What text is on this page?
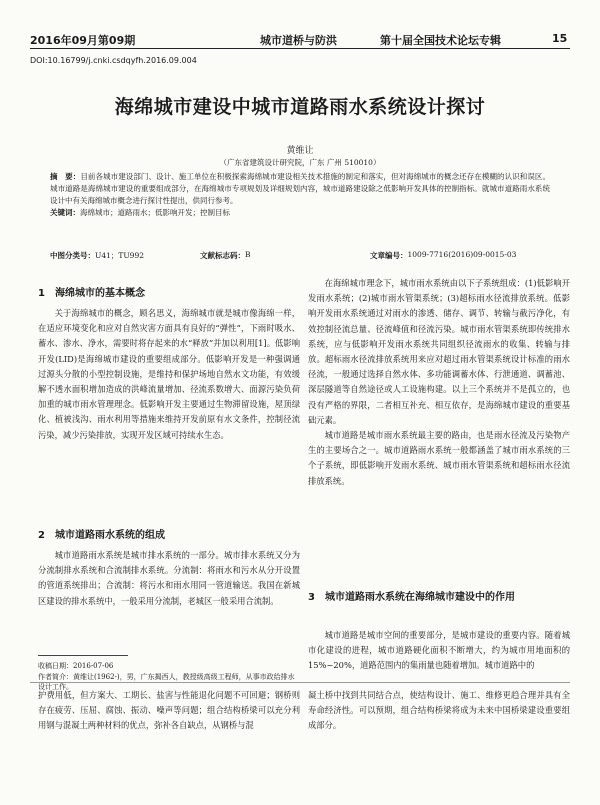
2016年09月第09期	城市道桥与防洪	第十届全国技术论坛专辑	15
DOI:10.16799/j.cnki.csdqyfh.2016.09.004
海绵城市建设中城市道路雨水系统设计探讨
黄维让
（广东省建筑设计研究院，广东 广州 510010）
摘　要：目前各城市建设部门、设计、施工单位在积极探索海绵城市建设相关技术措施的制定和落实，但对海绵城市的概念还存在模糊的认识和误区。城市道路是海绵城市建设的重要组成部分，在海绵城市专项规划及详细规划内容，城市道路建设除之低影响开发具体的控制指标。就城市道路雨水系统设计中有关海绵城市概念进行探讨性提出，供同行参考。
关键词：海绵城市；道路雨水；低影响开发；控制目标
中图分类号： U41；TU992	文献标志码： B	文章编号： 1009-7716(2016)09-0015-03
1　海绵城市的基本概念

关于海绵城市的概念，顾名思义，海绵城市就是城市像海绵一样，在适应环境变化和应对自然灾害方面具有良好的“弹性”，下雨时吸水、蓄水、渗水、净水，需要时将存起来的水“释放”并加以利用[1]。低影响开发(LID)是海绵城市建设的重要组成部分。低影响开发是一种强调通过源头分散的小型控制设施，是维持和保护场地自然水文功能，有效缓解不透水面积增加造成的洪峰流量增加、径流系数增大、面源污染负荷加重的城市雨水管理理念。低影响开发主要通过生物滞留设施，屋顶绿化、植被浅沟、雨水利用等措施来维持开发前原有水文条件，控制径流污染，减少污染排放，实现开发区域可持续水生态。

2　城市道路雨水系统的组成

城市道路雨水系统是城市排水系统的一部分。城市排水系统又分为分流制排水系统和合流制排水系统。分流制：将雨水和污水从分开设置的管道系统排出；合流制：将污水和雨水用同一管道输送。我国在新城区建设的排水系统中，一般采用分流制，老城区一般采用合流制。

收稿日期：2016-07-06

作者简介：黄维让(1962-)，男，广东揭西人，教授级高级工程师，从事市政给排水设计工作。

在海绵城市理念下，城市雨水系统由以下子系统组成：(1)低影响开发雨水系统；(2)城市雨水管渠系统；(3)超标雨水径流排放系统。低影响开发雨水系统通过对雨水的渗透、储存、调节、转输与截污净化，有效控制径流总量、径流峰值和径流污染。城市雨水管渠系统即传统排水系统，应与低影响开发雨水系统共同组织径流雨水的收集、转输与排放。超标雨水径流排放系统用来应对超过雨水管渠系统设计标准的雨水径流，一般通过选择自然水体、多功能调蓄水体、行泄通道、调蓄池、深层隧道等自然途径或人工设施构建。以上三个系统并不是孤立的，也没有严格的界限，二者相互补充、相互依存，是海绵城市建设的重要基础元素。

城市道路是城市雨水系统最主要的路由，也是雨水径流及污染物产生的主要场合之一。城市道路雨水系统一般都涵盖了城市雨水系统的三个子系统，即低影响开发雨水系统、城市雨水管渠系统和超标雨水径流排放系统。

3　城市道路雨水系统在海绵城市建设中的作用

城市道路是城市空间的重要部分，是城市建设的重要内容。随着城市化建设的进程，城市道路硬化面积不断增大，约为城市用地面积的15%~20%，道路范围内的集雨量也随着增加。城市道路中的

护费用低，但方案大、工期长、盐害与性能退化问题不可回避；钢桥则存在疲劳、压屈、腐蚀、振动、噪声等问题；组合结构桥梁可以充分利用钢与混凝土两种材料的优点，弥补各自缺点，从钢桥与混

凝土桥中找到共同结合点，使结构设计、施工、维修更趋合理并具有全寿命经济性。可以预期，组合结构桥梁将成为未来中国桥梁建设重要组成部分。
